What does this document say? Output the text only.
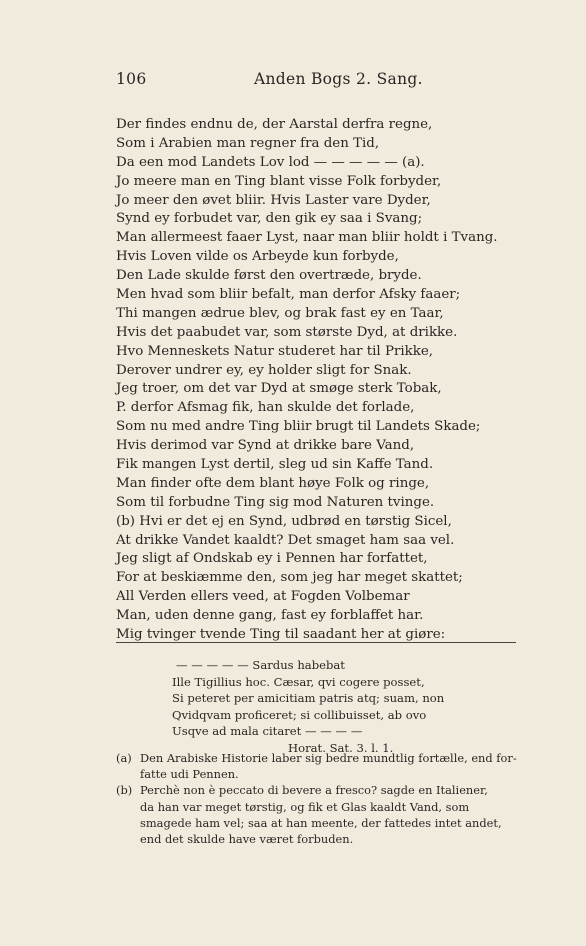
106	Anden Bogs 2. Sang.
Der findes endnu de, der Aarstal derfra regne,
Som i Arabien man regner fra den Tid,
Da een mod Landets Lov lod — — — — — (a).
Jo meere man en Ting blant visse Folk forbyder,
Jo meer den øvet bliir. Hvis Laster vare Dyder,
Synd ey forbudet var, den gik ey saa i Svang;
Man allermeest faaer Lyst, naar man bliir holdt i Tvang.
Hvis Loven vilde os Arbeyde kun forbyde,
Den Lade skulde først den overtræde, bryde.
Men hvad som bliir befalt, man derfor Afsky faaer;
Thi mangen ædrue blev, og brak fast ey en Taar,
Hvis det paabudet var, som største Dyd, at drikke.
Hvo Menneskets Natur studeret har til Prikke,
Derover undrer ey, ey holder sligt for Snak.
Jeg troer, om det var Dyd at smøge sterk Tobak,
P. derfor Afsmag fik, han skulde det forlade,
Som nu med andre Ting bliir brugt til Landets Skade;
Hvis derimod var Synd at drikke bare Vand,
Fik mangen Lyst dertil, sleg ud sin Kaffe Tand.
Man finder ofte dem blant høye Folk og ringe,
Som til forbudne Ting sig mod Naturen tvinge.
(b) Hvi er det ej en Synd, udbrød en tørstig Sicel,
At drikke Vandet kaaldt? Det smaget ham saa vel.
Jeg sligt af Ondskab ey i Pennen har forfattet,
For at beskiæmme den, som jeg har meget skattet;
All Verden ellers veed, at Fogden Volbemar
Man, uden denne gang, fast ey forblaffet har.
Mig tvinger tvende Ting til saadant her at giøre:
— — — — — Sardus habebat
Ille Tigillius hoc. Cæsar, qvi cogere posset,
Si peteret per amicitiam patris atq; suam, non
Qvidqvam proficeret; si collibuisset, ab ovo
Usqve ad mala citaret — — — —
Horat. Sat. 3. l. 1.
(a) Den Arabiske Historie laber sig bedre mundtlig fortælle, end for-
fatte udi Pennen.
(b) Perchè non è peccato di bevere a fresco? sagde en Italiener,
da han var meget tørstig, og fik et Glas kaaldt Vand, som
smagede ham vel; saa at han meente, der fattedes intet andet,
end det skulde have været forbuden.
